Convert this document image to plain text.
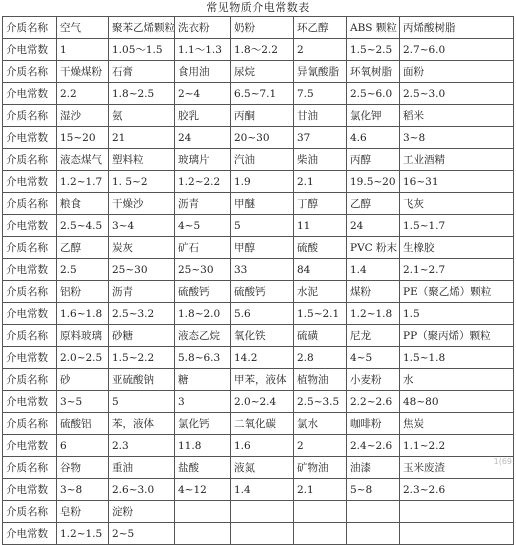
常见物质介电常数表
介质名称	空气	聚苯乙烯颗粒	洗衣粉	奶粉	环乙醇	ABS 颗粒	丙烯酸树脂
介电常数	1	1.05～1.5	1.1～1.3	1.8～2.2	2	1.5~2.5	2.7~6.0
介质名称	干燥煤粉	石膏	食用油	尿烷	异氰酸脂	环氧树脂	面粉
介电常数	2.2	1.8~2.5	2~4	6.5~7.1	7.5	2.5~6.0	2.5~3.0
介质名称	湿沙	氨	胶乳	丙酮	甘油	氯化钾	稻米
介电常数	15~20	21	24	20~30	37	4.6	3~8
介质名称	液态煤气	塑料粒	玻璃片	汽油	柴油	丙醇	工业酒精
介电常数	1.2~1.7	1. 5~2	1.2~2.2	1.9	2.1	19.5~20	16~31
介质名称	粮食	干燥沙	沥青	甲醚	丁醇	乙醇	飞灰
介电常数	2.5~4.5	3~4	4~5	5	11	24	1.5~1.7
介质名称	乙醇	炭灰	矿石	甲醇	硫酸	PVC 粉末	生橡胶
介电常数	2.5	25~30	25~30	33	84	1.4	2.1~2.7
介质名称	铝粉	沥青	硫酸钙	硫酸钙	水泥	煤粉	PE（聚乙烯）颗粒
介电常数	1.6~1.8	2.5~3.2	1.8~2.0	5.6	1.5~2.1	1.2~1.8	1.5
介质名称	原料玻璃	砂糖	液态乙烷	氧化铁	硫磺	尼龙	PP（聚丙烯）颗粒
介电常数	2.0~2.5	1.5~2.2	5.8~6.3	14.2	2.8	4~5	1.5~1.8
介质名称	砂	亚硫酸钠	糖	甲苯，液体	植物油	小麦粉	水
介电常数	3~5	5	3	2.0~2.4	2.5~3.5	2.2~2.6	48~80
介质名称	硫酸铝	苯，液体	氯化钙	二氧化碳	氯水	咖啡粉	焦炭
介电常数	6	2.3	11.8	1.6	2	2.4~2.6	1.1~2.2
介质名称	谷物	重油	盐酸	液氮	矿物油	油漆	玉米废渣
介电常数	3~8	2.6~3.0	4~12	1.4	2.1	5~8	2.3~2.6
介质名称	皂粉	淀粉					
介电常数	1.2~1.5	2~5						1(69
